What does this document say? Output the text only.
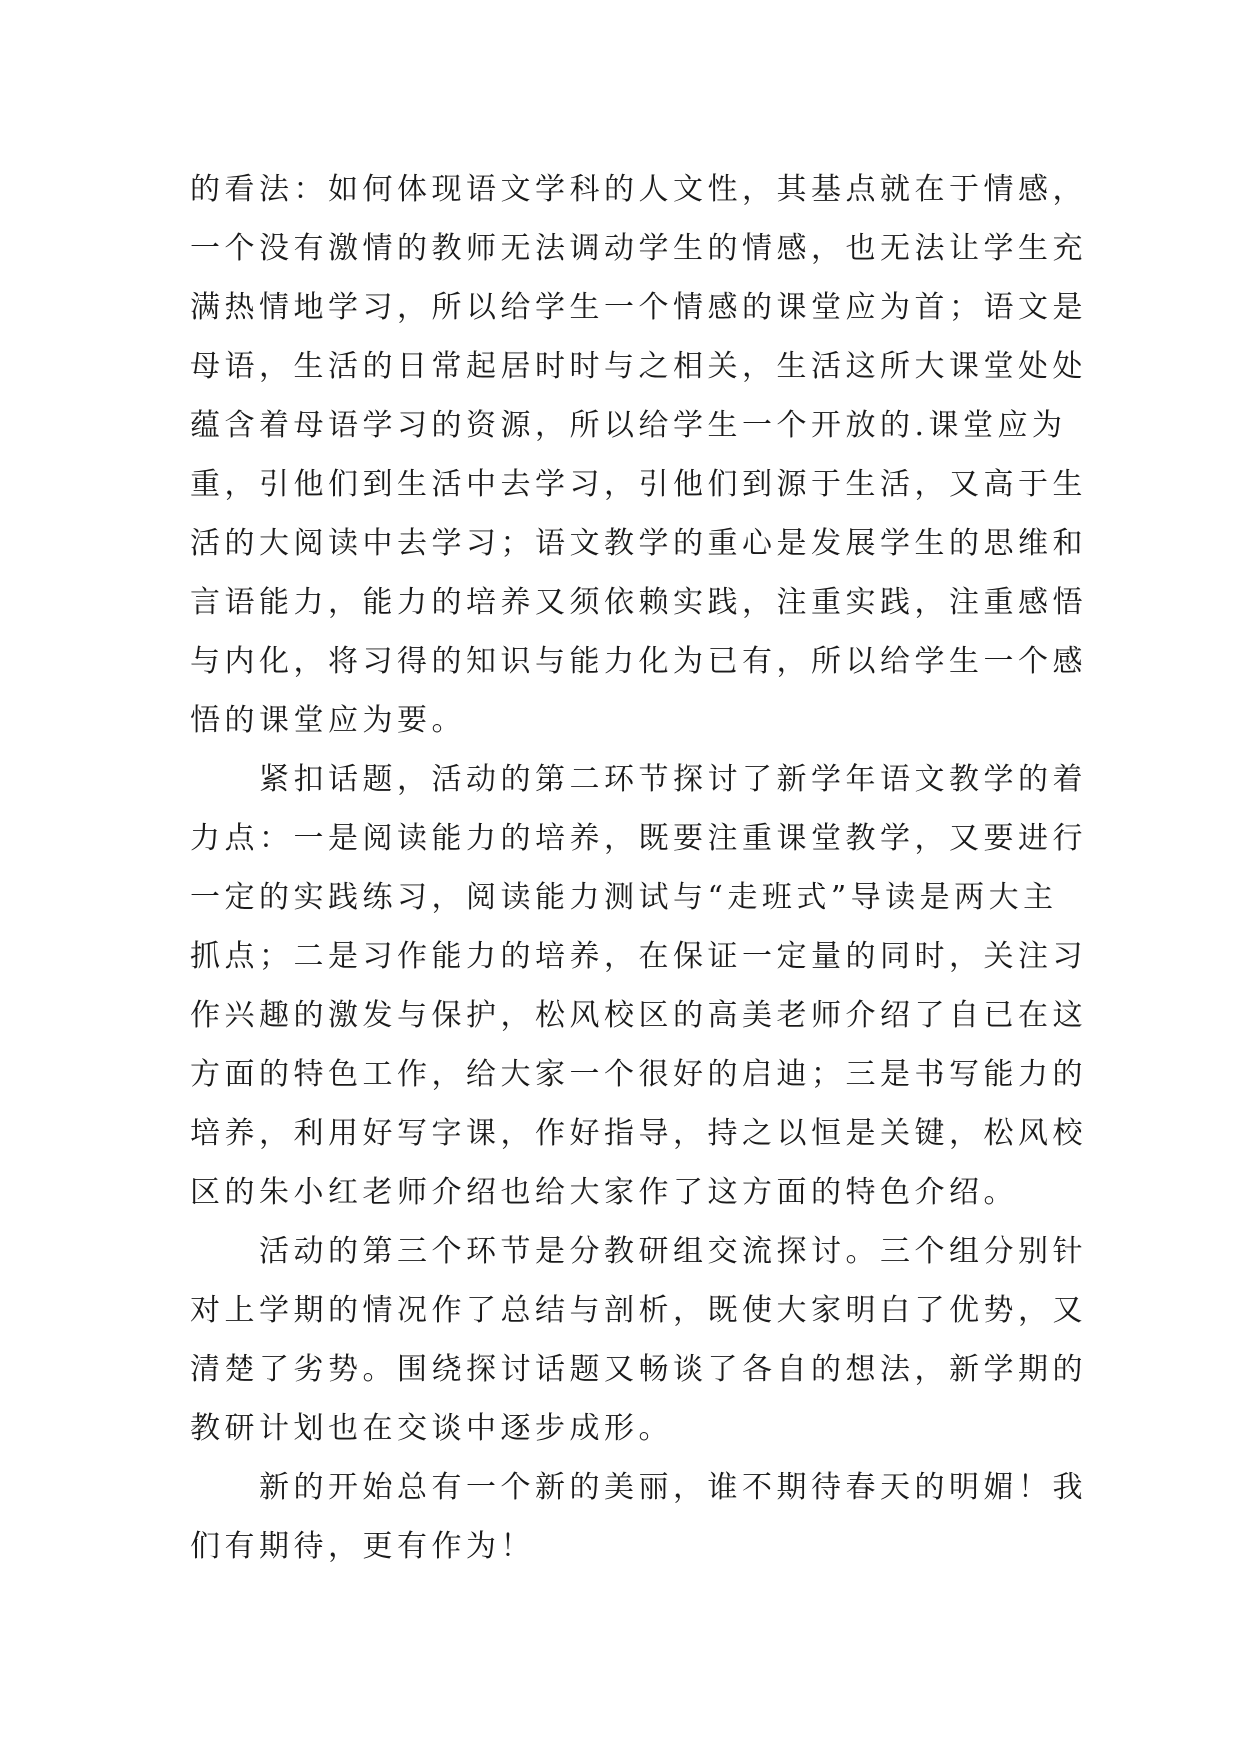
的看法：如何体现语文学科的人文性，其基点就在于情感，
一个没有激情的教师无法调动学生的情感，也无法让学生充
满热情地学习，所以给学生一个情感的课堂应为首；语文是
母语，生活的日常起居时时与之相关，生活这所大课堂处处
蕴含着母语学习的资源，所以给学生一个开放的.课堂应为
重，引他们到生活中去学习，引他们到源于生活，又高于生
活的大阅读中去学习；语文教学的重心是发展学生的思维和
言语能力，能力的培养又须依赖实践，注重实践，注重感悟
与内化，将习得的知识与能力化为已有，所以给学生一个感
悟的课堂应为要。
　　紧扣话题，活动的第二环节探讨了新学年语文教学的着
力点：一是阅读能力的培养，既要注重课堂教学，又要进行
一定的实践练习，阅读能力测试与“走班式”导读是两大主
抓点；二是习作能力的培养，在保证一定量的同时，关注习
作兴趣的激发与保护，松风校区的高美老师介绍了自已在这
方面的特色工作，给大家一个很好的启迪；三是书写能力的
培养，利用好写字课，作好指导，持之以恒是关键，松风校
区的朱小红老师介绍也给大家作了这方面的特色介绍。
　　活动的第三个环节是分教研组交流探讨。三个组分别针
对上学期的情况作了总结与剖析，既使大家明白了优势，又
清楚了劣势。围绕探讨话题又畅谈了各自的想法，新学期的
教研计划也在交谈中逐步成形。
　　新的开始总有一个新的美丽，谁不期待春天的明媚！我
们有期待，更有作为！
